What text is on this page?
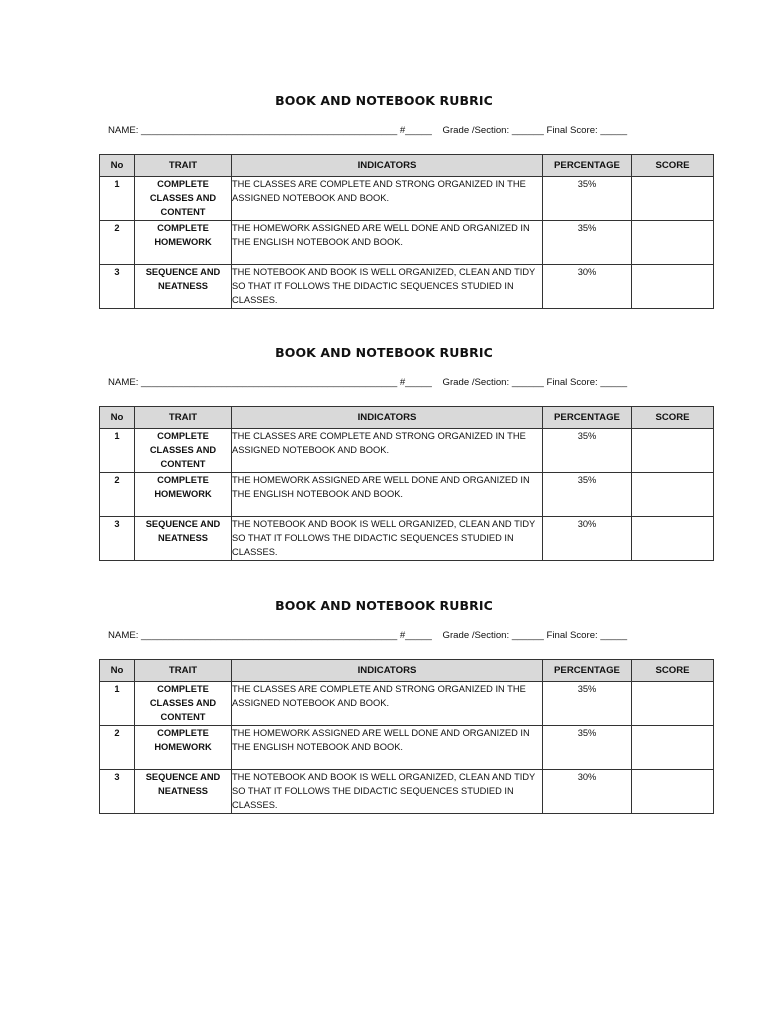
BOOK AND NOTEBOOK RUBRIC
NAME: ________________________________________________ #_____    Grade /Section: ______ Final Score: _____
No	TRAIT	INDICATORS	PERCENTAGE	SCORE
1	COMPLETE CLASSES AND CONTENT	THE CLASSES ARE COMPLETE AND STRONG ORGANIZED IN THE ASSIGNED NOTEBOOK AND BOOK.	35%	
2	COMPLETE HOMEWORK	THE HOMEWORK ASSIGNED ARE WELL DONE AND ORGANIZED IN THE ENGLISH NOTEBOOK AND BOOK.	35%	
3	SEQUENCE AND NEATNESS	THE NOTEBOOK AND BOOK IS WELL ORGANIZED, CLEAN AND TIDY SO THAT IT FOLLOWS THE DIDACTIC SEQUENCES STUDIED IN CLASSES.	30%	
BOOK AND NOTEBOOK RUBRIC
NAME: ________________________________________________ #_____    Grade /Section: ______ Final Score: _____
No	TRAIT	INDICATORS	PERCENTAGE	SCORE
1	COMPLETE CLASSES AND CONTENT	THE CLASSES ARE COMPLETE AND STRONG ORGANIZED IN THE ASSIGNED NOTEBOOK AND BOOK.	35%	
2	COMPLETE HOMEWORK	THE HOMEWORK ASSIGNED ARE WELL DONE AND ORGANIZED IN THE ENGLISH NOTEBOOK AND BOOK.	35%	
3	SEQUENCE AND NEATNESS	THE NOTEBOOK AND BOOK IS WELL ORGANIZED, CLEAN AND TIDY SO THAT IT FOLLOWS THE DIDACTIC SEQUENCES STUDIED IN CLASSES.	30%	
BOOK AND NOTEBOOK RUBRIC
NAME: ________________________________________________ #_____    Grade /Section: ______ Final Score: _____
No	TRAIT	INDICATORS	PERCENTAGE	SCORE
1	COMPLETE CLASSES AND CONTENT	THE CLASSES ARE COMPLETE AND STRONG ORGANIZED IN THE ASSIGNED NOTEBOOK AND BOOK.	35%	
2	COMPLETE HOMEWORK	THE HOMEWORK ASSIGNED ARE WELL DONE AND ORGANIZED IN THE ENGLISH NOTEBOOK AND BOOK.	35%	
3	SEQUENCE AND NEATNESS	THE NOTEBOOK AND BOOK IS WELL ORGANIZED, CLEAN AND TIDY SO THAT IT FOLLOWS THE DIDACTIC SEQUENCES STUDIED IN CLASSES.	30%	
